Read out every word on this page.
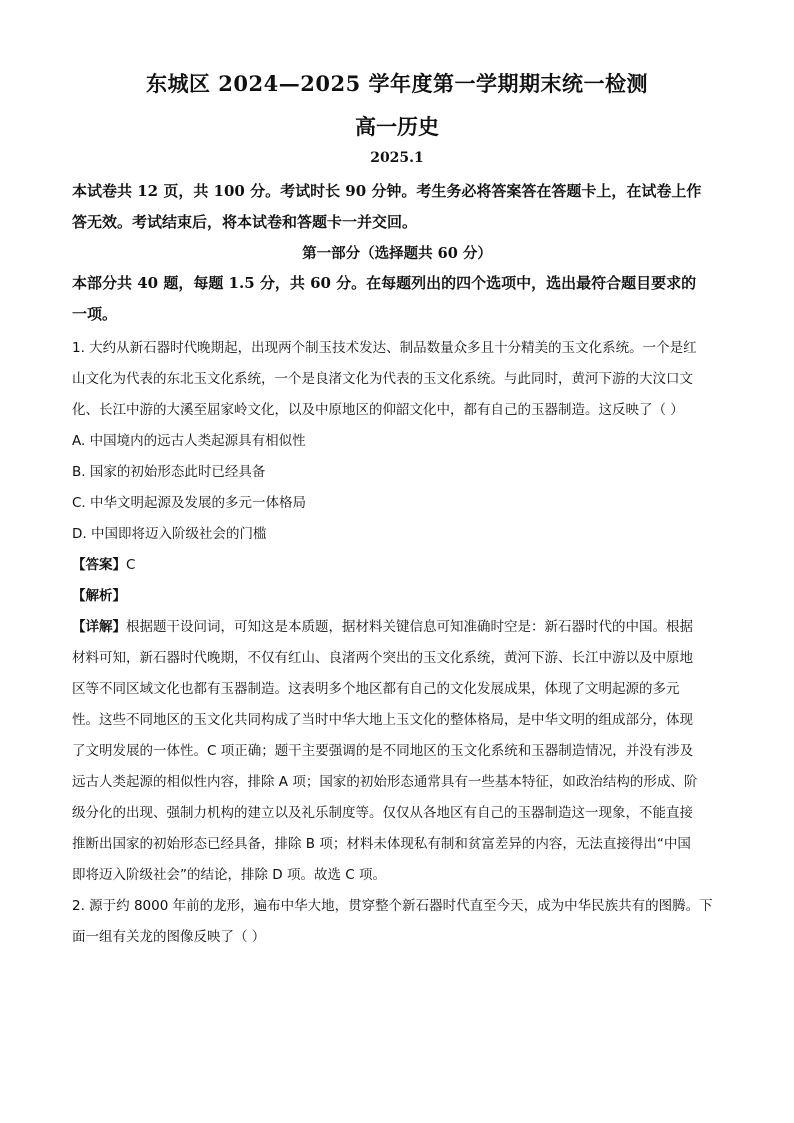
东城区 2024—2025 学年度第一学期期末统一检测
高一历史
2025.1

本试卷共 12 页，共 100 分。考试时长 90 分钟。考生务必将答案答在答题卡上，在试卷上作

答无效。考试结束后，将本试卷和答题卡一并交回。

第一部分（选择题共 60 分）

本部分共 40 题，每题 1.5 分，共 60 分。在每题列出的四个选项中，选出最符合题目要求的

一项。

1. 大约从新石器时代晚期起，出现两个制玉技术发达、制品数量众多且十分精美的玉文化系统。一个是红

山文化为代表的东北玉文化系统，一个是良渚文化为代表的玉文化系统。与此同时，黄河下游的大汶口文

化、长江中游的大溪至屈家岭文化，以及中原地区的仰韶文化中，都有自己的玉器制造。这反映了（ ）

A. 中国境内的远古人类起源具有相似性

B. 国家的初始形态此时已经具备

C. 中华文明起源及发展的多元一体格局

D. 中国即将迈入阶级社会的门槛

【答案】C

【解析】

【详解】根据题干设问词，可知这是本质题，据材料关键信息可知准确时空是：新石器时代的中国。根据

材料可知，新石器时代晚期，不仅有红山、良渚两个突出的玉文化系统，黄河下游、长江中游以及中原地

区等不同区域文化也都有玉器制造。这表明多个地区都有自己的文化发展成果，体现了文明起源的多元

性。这些不同地区的玉文化共同构成了当时中华大地上玉文化的整体格局，是中华文明的组成部分，体现

了文明发展的一体性。C 项正确；题干主要强调的是不同地区的玉文化系统和玉器制造情况，并没有涉及

远古人类起源的相似性内容，排除 A 项；国家的初始形态通常具有一些基本特征，如政治结构的形成、阶

级分化的出现、强制力机构的建立以及礼乐制度等。仅仅从各地区有自己的玉器制造这一现象，不能直接

推断出国家的初始形态已经具备，排除 B 项；材料未体现私有制和贫富差异的内容，无法直接得出“中国

即将迈入阶级社会”的结论，排除 D 项。故选 C 项。

2. 源于约 8000 年前的龙形，遍布中华大地，贯穿整个新石器时代直至今天，成为中华民族共有的图腾。下

面一组有关龙的图像反映了（ ）
